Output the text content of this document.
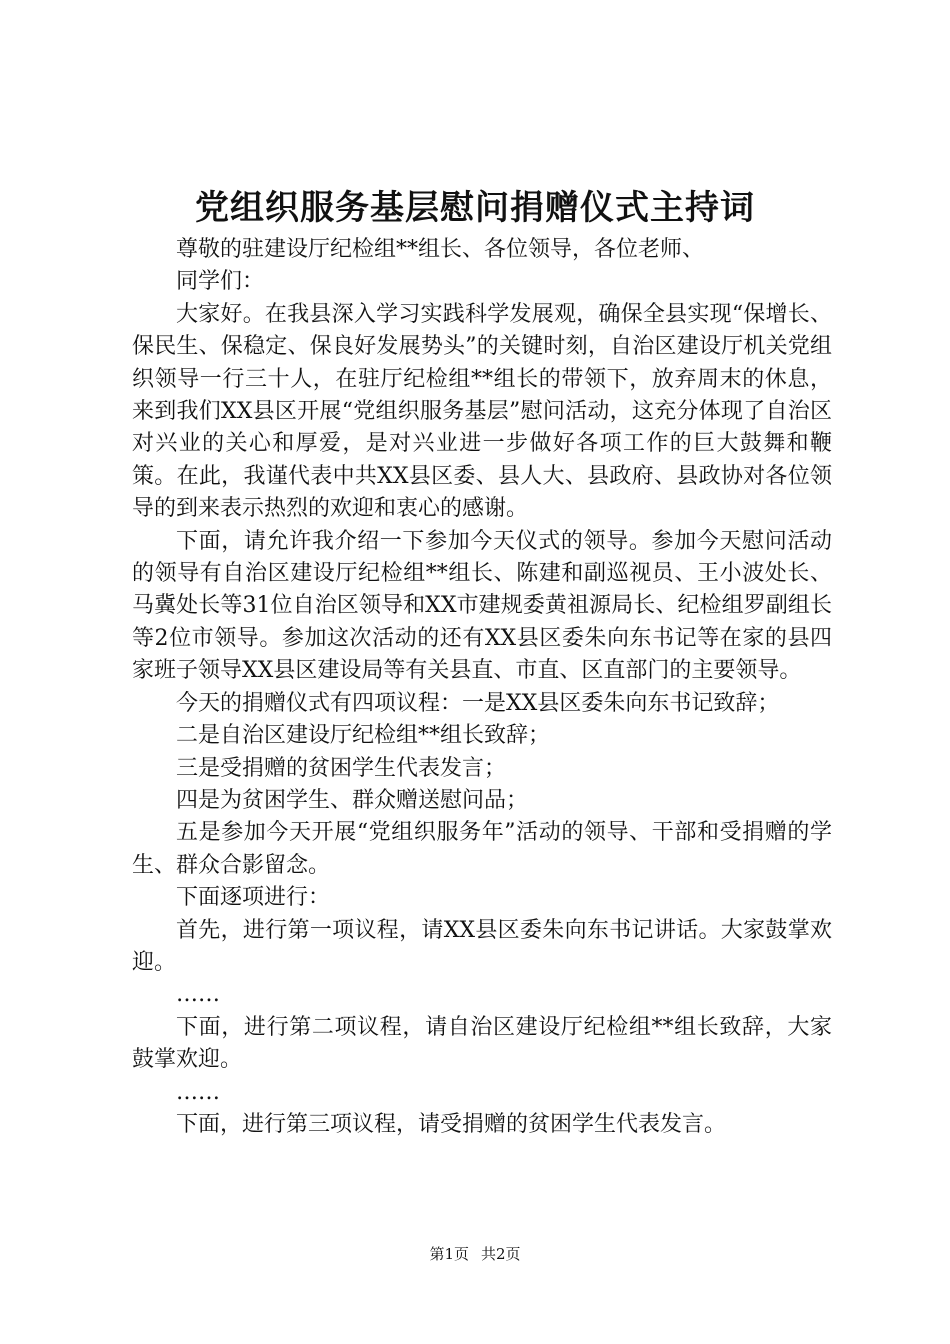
党组织服务基层慰问捐赠仪式主持词

尊敬的驻建设厅纪检组**组长、各位领导，各位老师、

同学们：

大家好。在我县深入学习实践科学发展观，确保全县实现“保增长、保民生、保稳定、保良好发展势头”的关键时刻，自治区建设厅机关党组织领导一行三十人，在驻厅纪检组**组长的带领下，放弃周末的休息，来到我们XX县区开展“党组织服务基层”慰问活动，这充分体现了自治区对兴业的关心和厚爱，是对兴业进一步做好各项工作的巨大鼓舞和鞭策。在此，我谨代表中共XX县区委、县人大、县政府、县政协对各位领导的到来表示热烈的欢迎和衷心的感谢。

下面，请允许我介绍一下参加今天仪式的领导。参加今天慰问活动的领导有自治区建设厅纪检组**组长、陈建和副巡视员、王小波处长、马冀处长等31位自治区领导和XX市建规委黄祖源局长、纪检组罗副组长等2位市领导。参加这次活动的还有XX县区委朱向东书记等在家的县四家班子领导XX县区建设局等有关县直、市直、区直部门的主要领导。

今天的捐赠仪式有四项议程：一是XX县区委朱向东书记致辞；

二是自治区建设厅纪检组**组长致辞；

三是受捐赠的贫困学生代表发言；

四是为贫困学生、群众赠送慰问品；

五是参加今天开展“党组织服务年”活动的领导、干部和受捐赠的学生、群众合影留念。

下面逐项进行：

首先，进行第一项议程，请XX县区委朱向东书记讲话。大家鼓掌欢迎。

……

下面，进行第二项议程，请自治区建设厅纪检组**组长致辞，大家鼓掌欢迎。

……

下面，进行第三项议程，请受捐赠的贫困学生代表发言。

第1页 共2页
